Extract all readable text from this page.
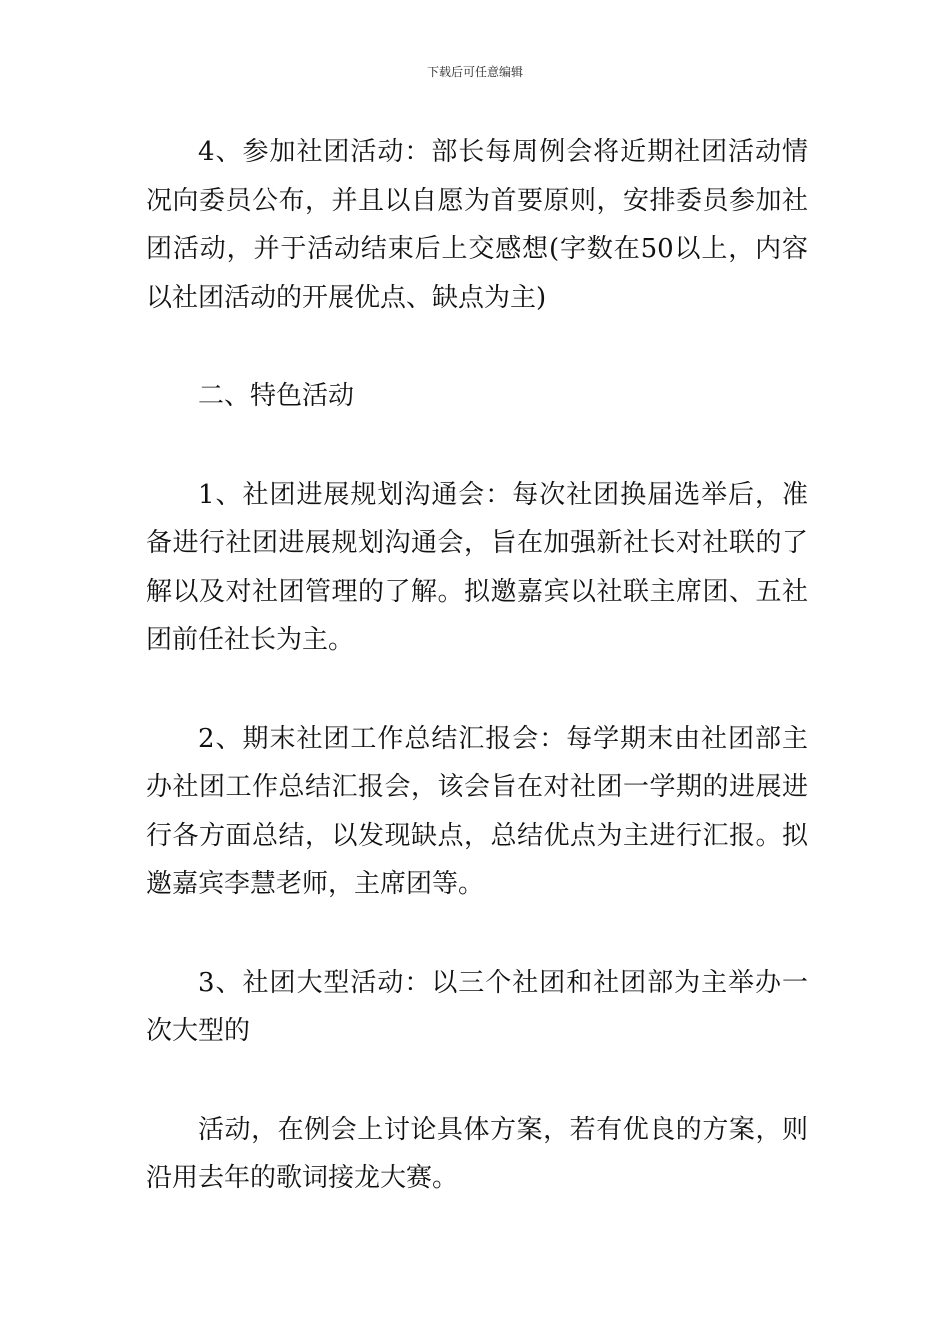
下载后可任意编辑

4、参加社团活动：部长每周例会将近期社团活动情况向委员公布，并且以自愿为首要原则，安排委员参加社团活动，并于活动结束后上交感想(字数在50以上，内容以社团活动的开展优点、缺点为主)

二、特色活动

1、社团进展规划沟通会：每次社团换届选举后，准备进行社团进展规划沟通会，旨在加强新社长对社联的了解以及对社团管理的了解。拟邀嘉宾以社联主席团、五社团前任社长为主。

2、期末社团工作总结汇报会：每学期末由社团部主办社团工作总结汇报会，该会旨在对社团一学期的进展进行各方面总结，以发现缺点，总结优点为主进行汇报。拟邀嘉宾李慧老师，主席团等。

3、社团大型活动：以三个社团和社团部为主举办一次大型的

活动，在例会上讨论具体方案，若有优良的方案，则沿用去年的歌词接龙大赛。
